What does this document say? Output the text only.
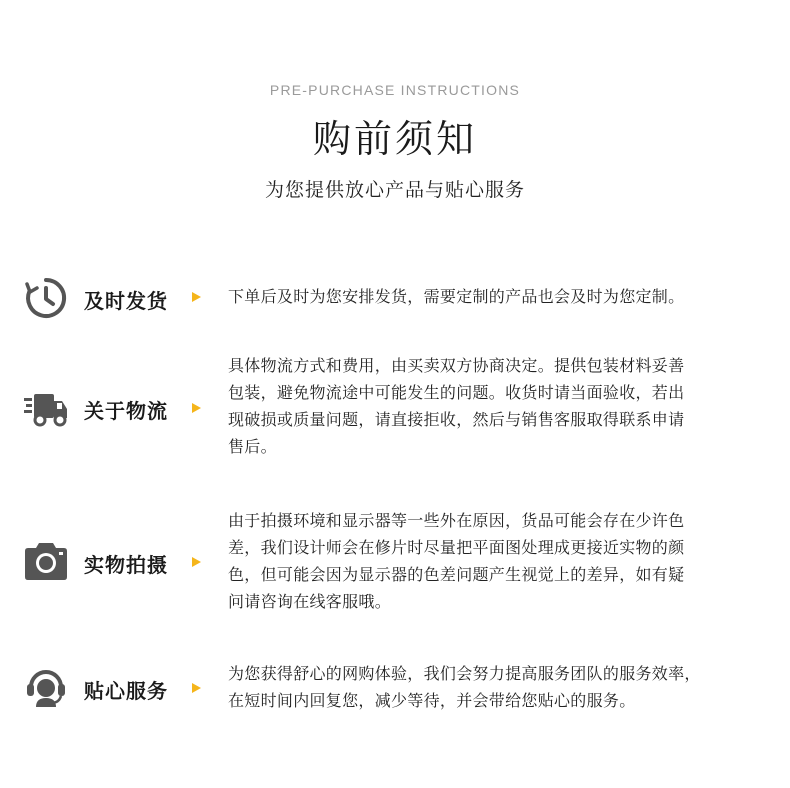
PRE-PURCHASE INSTRUCTIONS
购前须知
为您提供放心产品与贴心服务
及时发货	下单后及时为您安排发货，需要定制的产品也会及时为您定制。

关于物流

具体物流方式和费用，由买卖双方协商决定。提供包装材料妥善

包装，避免物流途中可能发生的问题。收货时请当面验收，若出

现破损或质量问题，请直接拒收，然后与销售客服取得联系申请

售后。

实物拍摄

由于拍摄环境和显示器等一些外在原因，货品可能会存在少许色

差，我们设计师会在修片时尽量把平面图处理成更接近实物的颜

色，但可能会因为显示器的色差问题产生视觉上的差异，如有疑

问请咨询在线客服哦。

贴心服务

为您获得舒心的网购体验，我们会努力提高服务团队的服务效率，

在短时间内回复您，减少等待，并会带给您贴心的服务。
